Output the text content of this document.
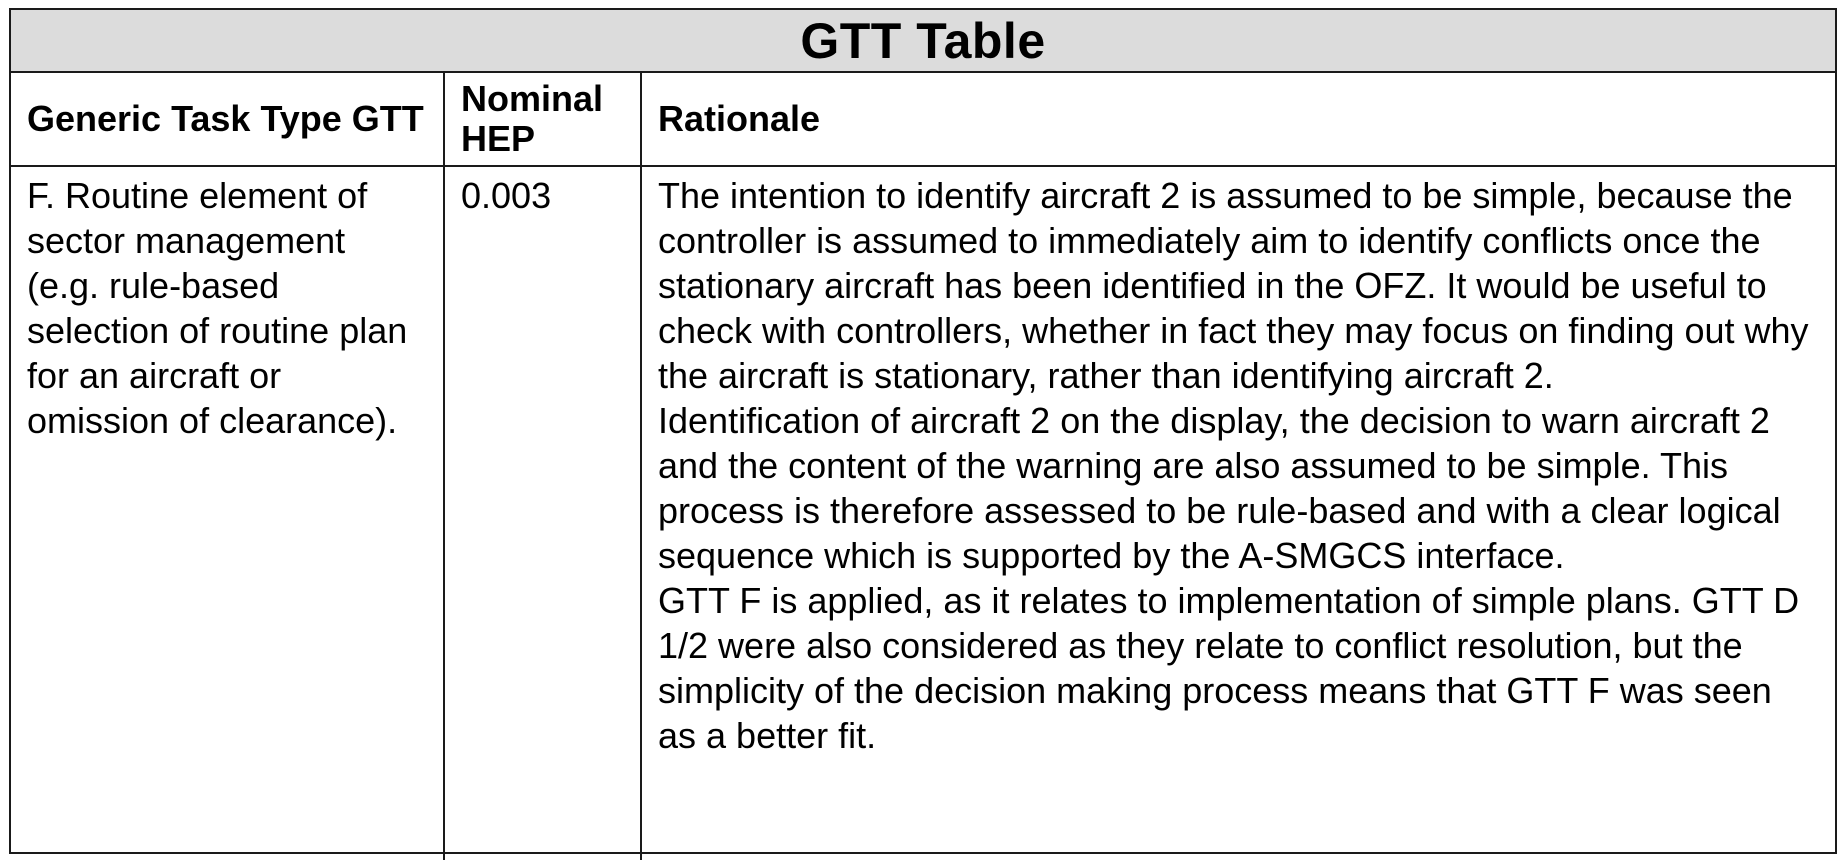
GTT Table
Generic Task Type GTT	Nominal HEP	Rationale
F. Routine element of sector management (e.g. rule-based selection of routine plan for an aircraft or omission of clearance).	0.003	The intention to identify aircraft 2 is assumed to be simple, because the controller is assumed to immediately aim to identify conflicts once the stationary aircraft has been identified in the OFZ. It would be useful to check with controllers, whether in fact they may focus on finding out why the aircraft is stationary, rather than identifying aircraft 2.
Identification of aircraft 2 on the display, the decision to warn aircraft 2 and the content of the warning are also assumed to be simple. This process is therefore assessed to be rule-based and with a clear logical sequence which is supported by the A-SMGCS interface.
GTT F is applied, as it relates to implementation of simple plans. GTT D 1/2 were also considered as they relate to conflict resolution, but the simplicity of the decision making process means that GTT F was seen as a better fit.
